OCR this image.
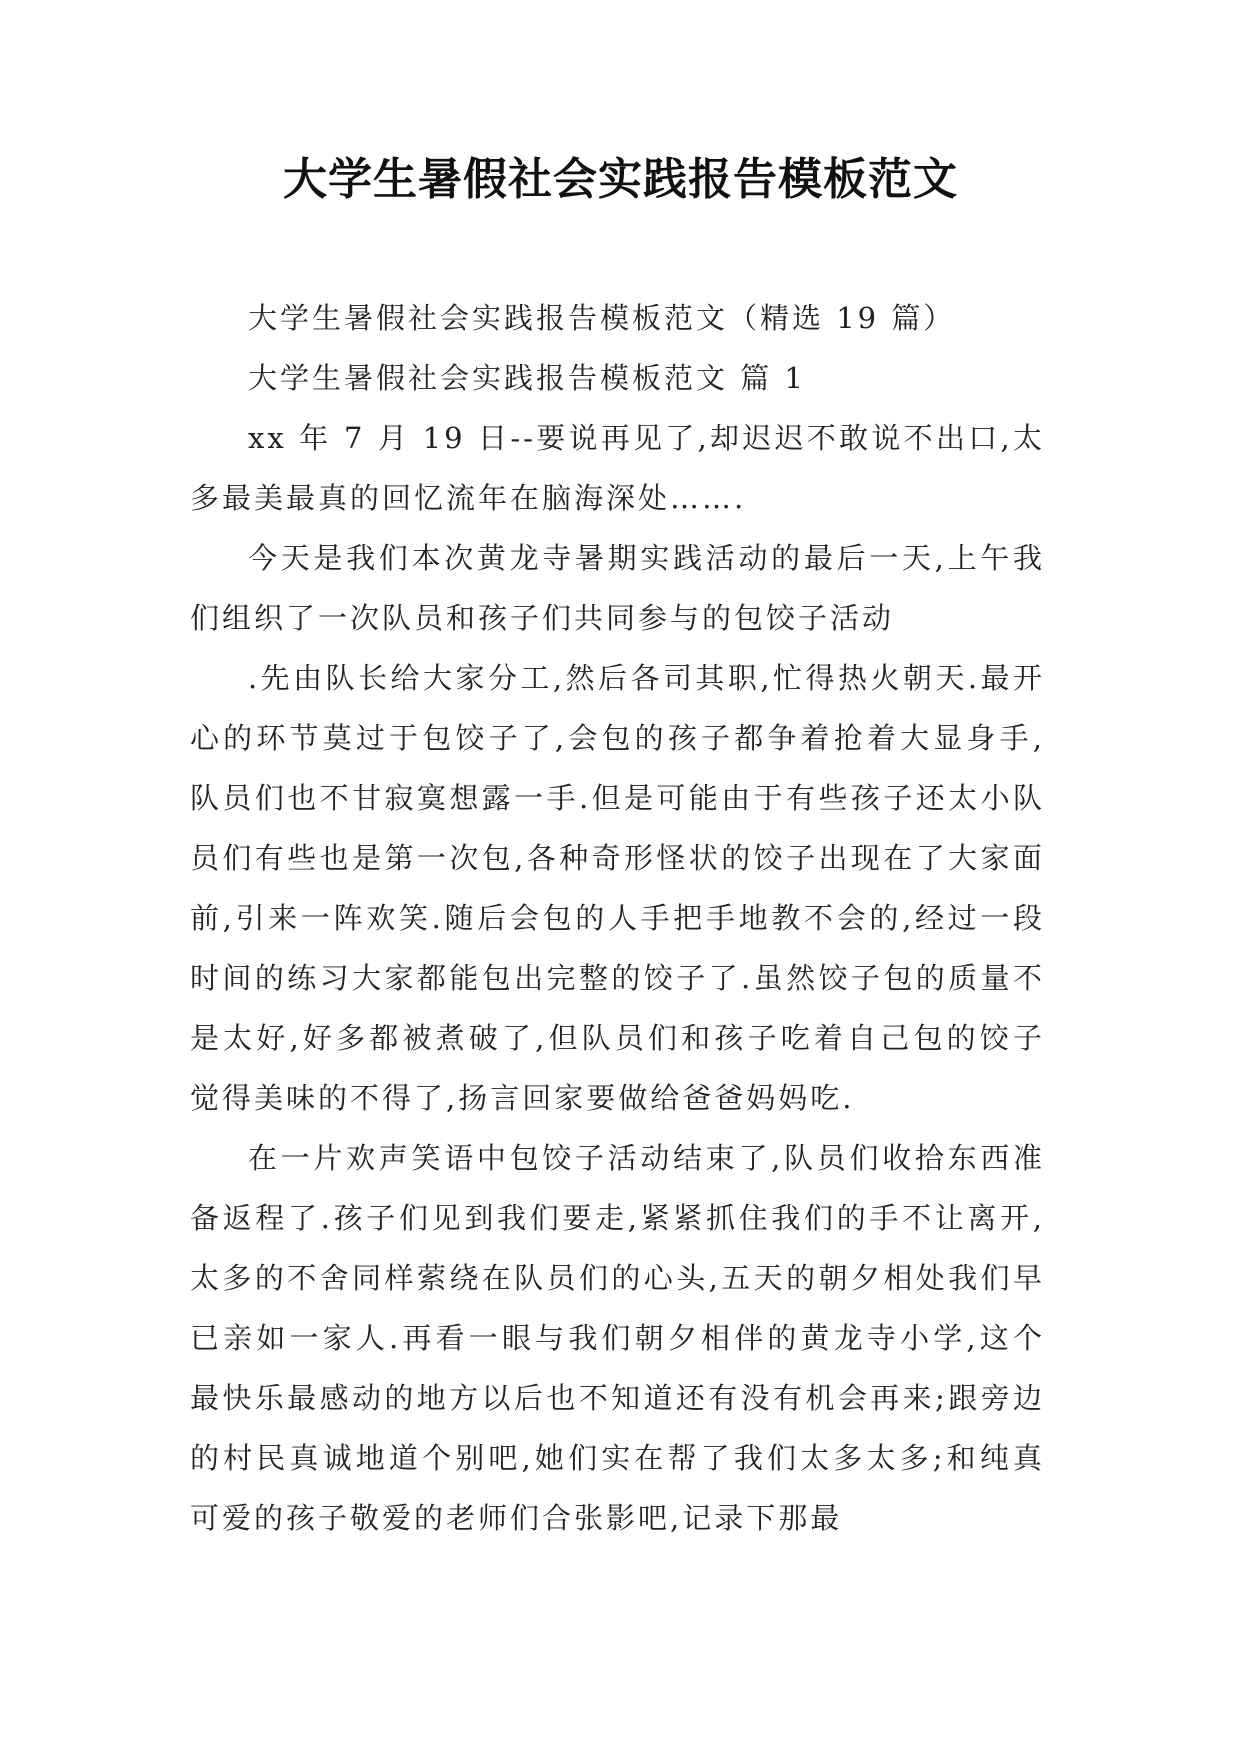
大学生暑假社会实践报告模板范文

大学生暑假社会实践报告模板范文（精选 19 篇）

大学生暑假社会实践报告模板范文 篇 1

xx 年 7 月 19 日--要说再见了,却迟迟不敢说不出口,太多最美最真的回忆流年在脑海深处…….

今天是我们本次黄龙寺暑期实践活动的最后一天,上午我们组织了一次队员和孩子们共同参与的包饺子活动

.先由队长给大家分工,然后各司其职,忙得热火朝天.最开心的环节莫过于包饺子了,会包的孩子都争着抢着大显身手,队员们也不甘寂寞想露一手.但是可能由于有些孩子还太小队员们有些也是第一次包,各种奇形怪状的饺子出现在了大家面前,引来一阵欢笑.随后会包的人手把手地教不会的,经过一段时间的练习大家都能包出完整的饺子了.虽然饺子包的质量不是太好,好多都被煮破了,但队员们和孩子吃着自己包的饺子觉得美味的不得了,扬言回家要做给爸爸妈妈吃.

在一片欢声笑语中包饺子活动结束了,队员们收拾东西准备返程了.孩子们见到我们要走,紧紧抓住我们的手不让离开,太多的不舍同样萦绕在队员们的心头,五天的朝夕相处我们早已亲如一家人.再看一眼与我们朝夕相伴的黄龙寺小学,这个最快乐最感动的地方以后也不知道还有没有机会再来;跟旁边的村民真诚地道个别吧,她们实在帮了我们太多太多;和纯真可爱的孩子敬爱的老师们合张影吧,记录下那最
